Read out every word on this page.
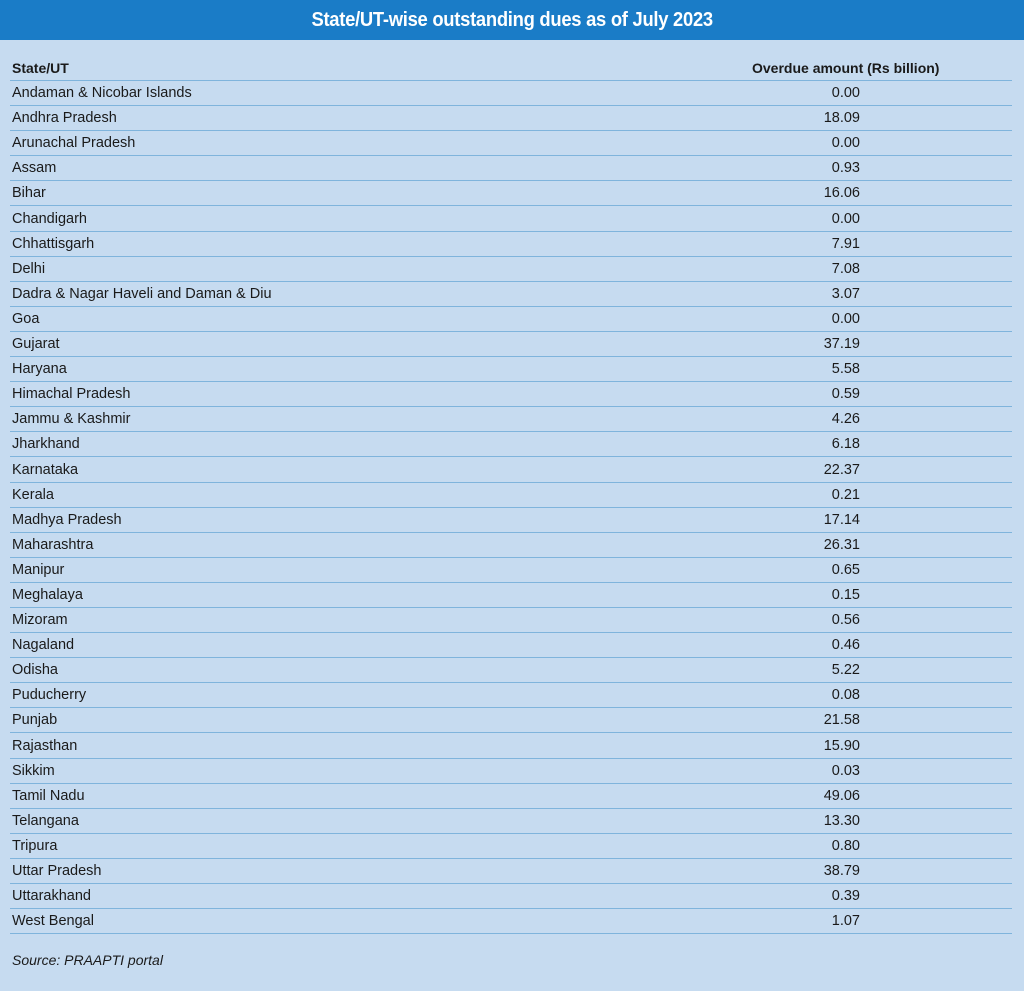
State/UT-wise outstanding dues as of July 2023
State/UT	Overdue amount (Rs billion)
Andaman & Nicobar Islands	0.00
Andhra Pradesh	18.09
Arunachal Pradesh	0.00
Assam	0.93
Bihar	16.06
Chandigarh	0.00
Chhattisgarh	7.91
Delhi	7.08
Dadra & Nagar Haveli and Daman & Diu	3.07
Goa	0.00
Gujarat	37.19
Haryana	5.58
Himachal Pradesh	0.59
Jammu & Kashmir	4.26
Jharkhand	6.18
Karnataka	22.37
Kerala	0.21
Madhya Pradesh	17.14
Maharashtra	26.31
Manipur	0.65
Meghalaya	0.15
Mizoram	0.56
Nagaland	0.46
Odisha	5.22
Puducherry	0.08
Punjab	21.58
Rajasthan	15.90
Sikkim	0.03
Tamil Nadu	49.06
Telangana	13.30
Tripura	0.80
Uttar Pradesh	38.79
Uttarakhand	0.39
West Bengal	1.07
Source: PRAAPTI portal
